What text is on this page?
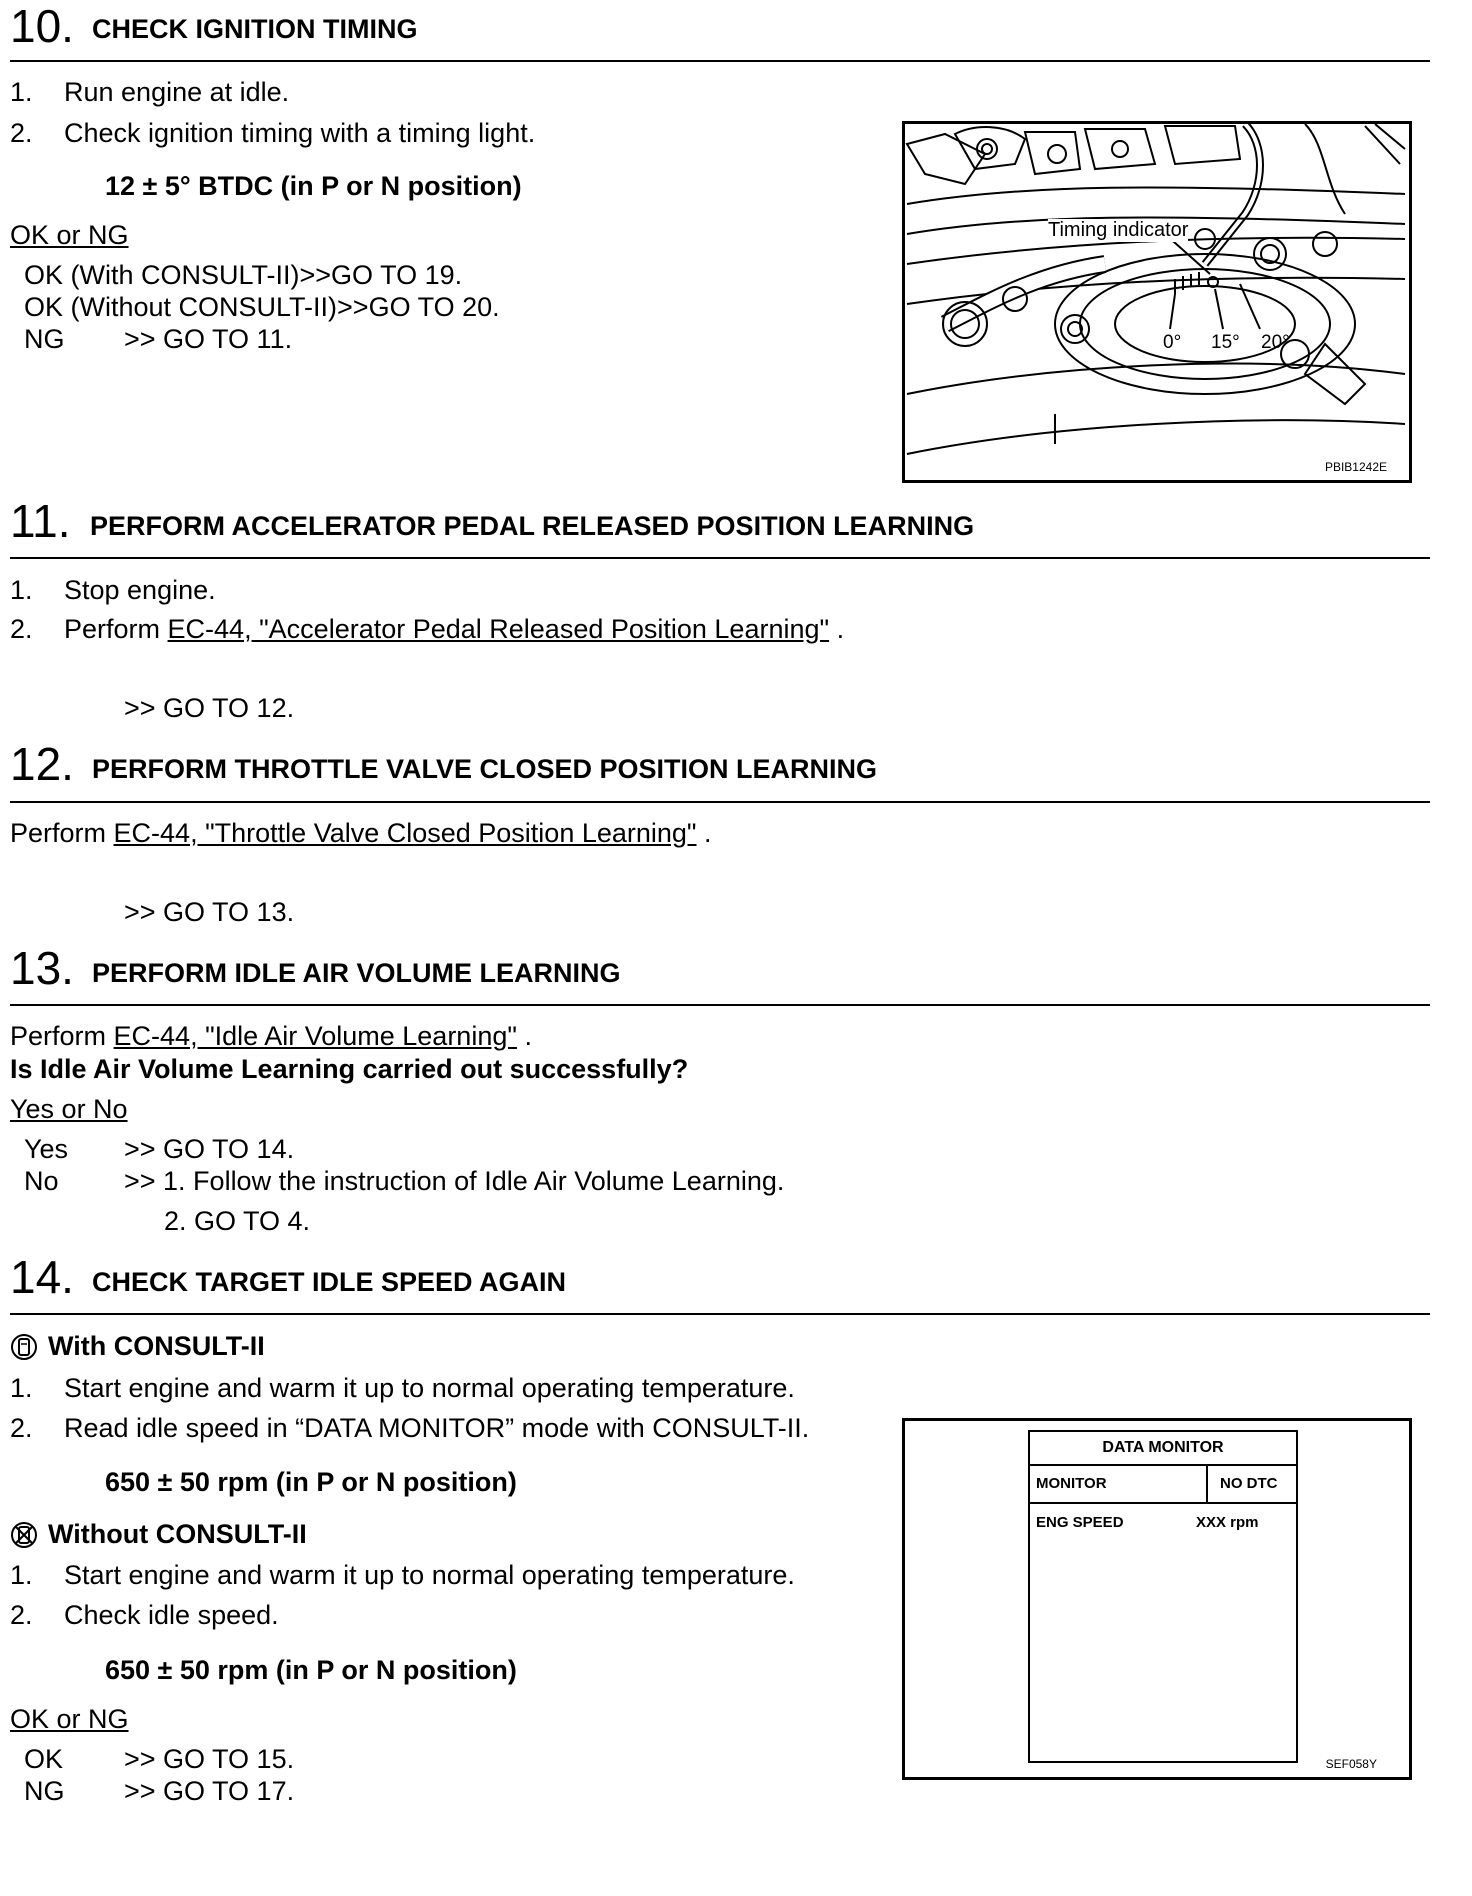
10. CHECK IGNITION TIMING
1. Run engine at idle.
2. Check ignition timing with a timing light.
12 ± 5° BTDC (in P or N position)
OK or NG
OK (With CONSULT-II)>>GO TO 19.
OK (Without CONSULT-II)>>GO TO 20.
NG >> GO TO 11.
Timing indicator
0° 15° 20°
PBIB1242E
11. PERFORM ACCELERATOR PEDAL RELEASED POSITION LEARNING
1. Stop engine.
2. Perform EC-44, "Accelerator Pedal Released Position Learning" .
>> GO TO 12.
12. PERFORM THROTTLE VALVE CLOSED POSITION LEARNING
Perform EC-44, "Throttle Valve Closed Position Learning" .
>> GO TO 13.
13. PERFORM IDLE AIR VOLUME LEARNING
Perform EC-44, "Idle Air Volume Learning" .
Is Idle Air Volume Learning carried out successfully?
Yes or No
Yes >> GO TO 14.
No >> 1. Follow the instruction of Idle Air Volume Learning.
2. GO TO 4.
14. CHECK TARGET IDLE SPEED AGAIN
With CONSULT-II
1. Start engine and warm it up to normal operating temperature.
2. Read idle speed in “DATA MONITOR” mode with CONSULT-II.
650 ± 50 rpm (in P or N position)
Without CONSULT-II
1. Start engine and warm it up to normal operating temperature.
2. Check idle speed.
650 ± 50 rpm (in P or N position)
OK or NG
OK >> GO TO 15.
NG >> GO TO 17.
DATA MONITOR
MONITOR	NO DTC
ENG SPEED	XXX rpm
SEF058Y
